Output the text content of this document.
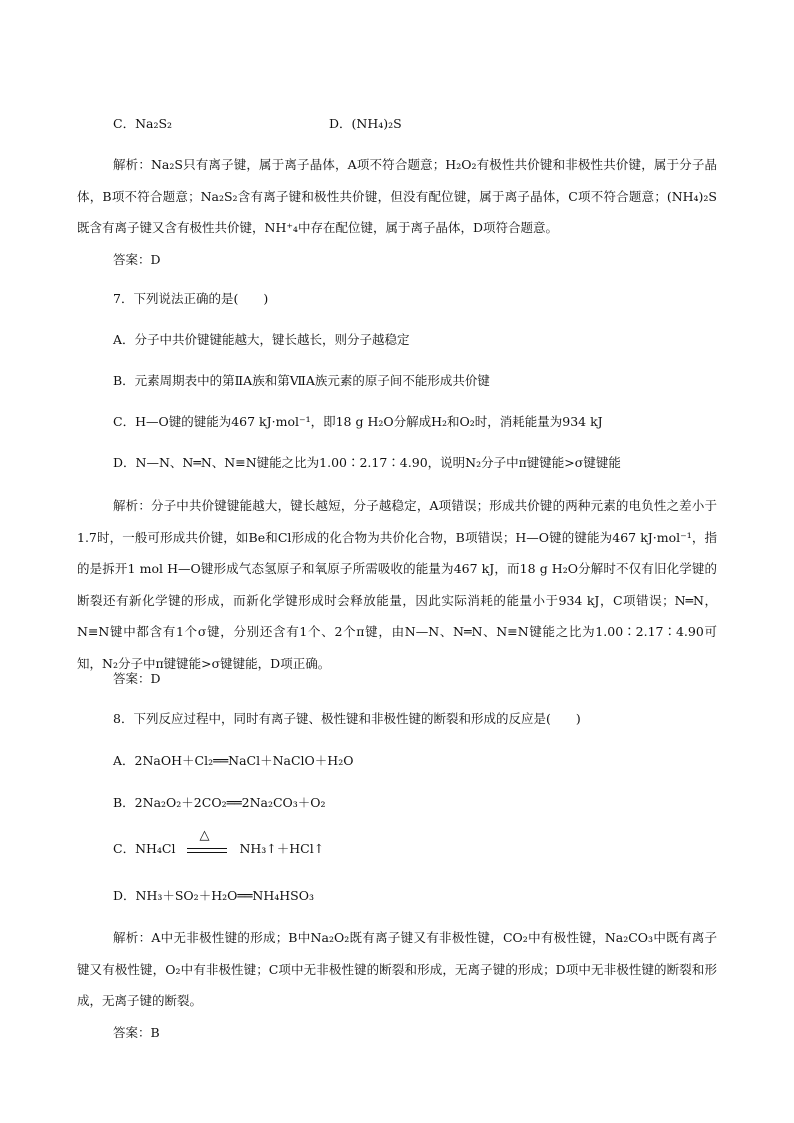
C．Na₂S₂	D．(NH₄)₂S
解析：Na₂S只有离子键，属于离子晶体，A项不符合题意；H₂O₂有极性共价键和非极性共价键，属于分子晶体，B项不符合题意；Na₂S₂含有离子键和极性共价键，但没有配位键，属于离子晶体，C项不符合题意；(NH₄)₂S既含有离子键又含有极性共价键，NH⁺₄中存在配位键，属于离子晶体，D项符合题意。
答案：D
7．下列说法正确的是(　　)
A．分子中共价键键能越大，键长越长，则分子越稳定
B．元素周期表中的第ⅡA族和第ⅦA族元素的原子间不能形成共价键
C．H—O键的键能为467 kJ·mol⁻¹，即18 g H₂O分解成H₂和O₂时，消耗能量为934 kJ
D．N—N、N═N、N≡N键能之比为1.00∶2.17∶4.90，说明N₂分子中π键键能>σ键键能
解析：分子中共价键键能越大，键长越短，分子越稳定，A项错误；形成共价键的两种元素的电负性之差小于1.7时，一般可形成共价键，如Be和Cl形成的化合物为共价化合物，B项错误；H—O键的键能为467 kJ·mol⁻¹，指的是拆开1 mol H—O键形成气态氢原子和氧原子所需吸收的能量为467 kJ，而18 g H₂O分解时不仅有旧化学键的断裂还有新化学键的形成，而新化学键形成时会释放能量，因此实际消耗的能量小于934 kJ，C项错误；N═N，N≡N键中都含有1个σ键，分别还含有1个、2个π键，由N—N、N═N、N≡N键能之比为1.00∶2.17∶4.90可知，N₂分子中π键键能>σ键键能，D项正确。
答案：D
8．下列反应过程中，同时有离子键、极性键和非极性键的断裂和形成的反应是(　　)
A．2NaOH＋Cl₂══NaCl＋NaClO＋H₂O
B．2Na₂O₂＋2CO₂══2Na₂CO₃＋O₂
C．NH₄Cl
△
NH₃↑＋HCl↑
D．NH₃＋SO₂＋H₂O══NH₄HSO₃
解析：A中无非极性键的形成；B中Na₂O₂既有离子键又有非极性键，CO₂中有极性键，Na₂CO₃中既有离子键又有极性键，O₂中有非极性键；C项中无非极性键的断裂和形成，无离子键的形成；D项中无非极性键的断裂和形成，无离子键的断裂。
答案：B
